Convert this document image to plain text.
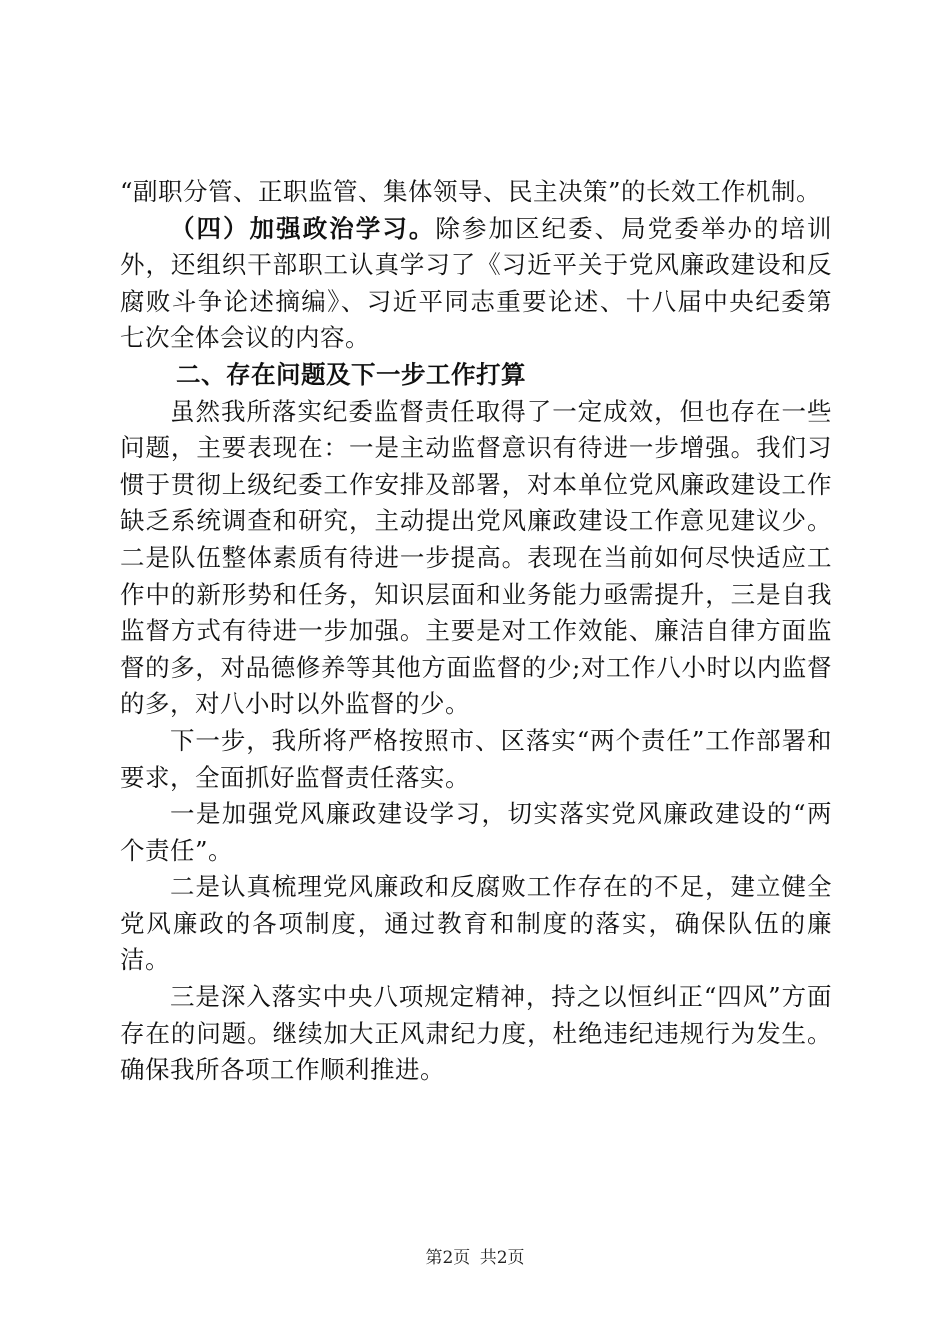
“副职分管、正职监管、集体领导、民主决策”的长效工作机制。

（四）加强政治学习。除参加区纪委、局党委举办的培训外，还组织干部职工认真学习了《习近平关于党风廉政建设和反腐败斗争论述摘编》、习近平同志重要论述、十八届中央纪委第七次全体会议的内容。

二、存在问题及下一步工作打算

虽然我所落实纪委监督责任取得了一定成效，但也存在一些问题，主要表现在：一是主动监督意识有待进一步增强。我们习惯于贯彻上级纪委工作安排及部署，对本单位党风廉政建设工作缺乏系统调查和研究，主动提出党风廉政建设工作意见建议少。二是队伍整体素质有待进一步提高。表现在当前如何尽快适应工作中的新形势和任务，知识层面和业务能力亟需提升，三是自我监督方式有待进一步加强。主要是对工作效能、廉洁自律方面监督的多，对品德修养等其他方面监督的少;对工作八小时以内监督的多，对八小时以外监督的少。

下一步，我所将严格按照市、区落实“两个责任”工作部署和要求，全面抓好监督责任落实。

一是加强党风廉政建设学习，切实落实党风廉政建设的“两个责任”。

二是认真梳理党风廉政和反腐败工作存在的不足，建立健全党风廉政的各项制度，通过教育和制度的落实，确保队伍的廉洁。

三是深入落实中央八项规定精神，持之以恒纠正“四风”方面存在的问题。继续加大正风肃纪力度，杜绝违纪违规行为发生。确保我所各项工作顺利推进。

第2页 共2页
